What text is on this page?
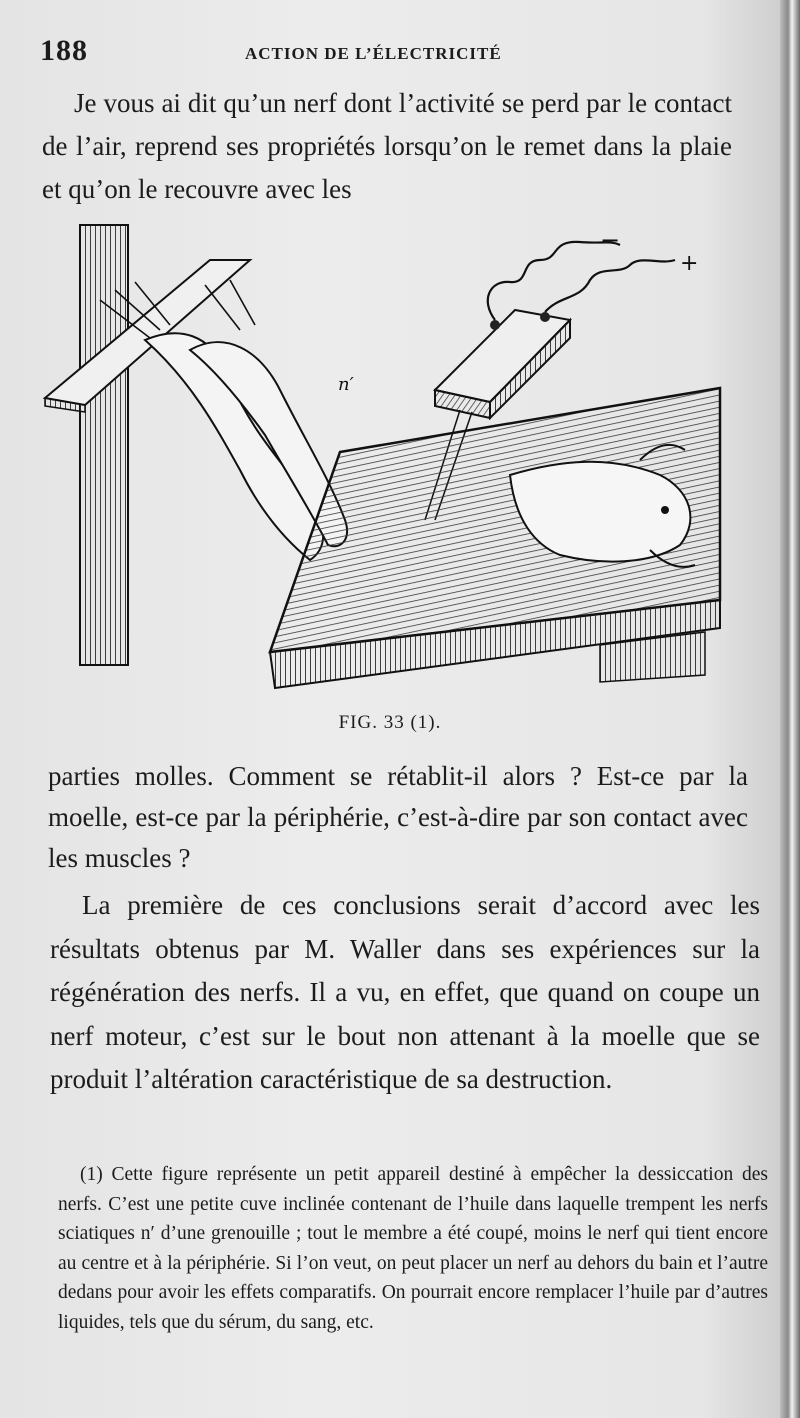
188	ACTION DE L’ÉLECTRICITÉ

Je vous ai dit qu’un nerf dont l’activité se perd par le contact de l’air, reprend ses propriétés lorsqu’on le remet dans la plaie et qu’on le recouvre avec les

−
+
n′
FIG. 33 (1).

parties molles. Comment se rétablit-il alors ? Est-ce par la moelle, est-ce par la périphérie, c’est-à-dire par son contact avec les muscles ?

La première de ces conclusions serait d’accord avec les résultats obtenus par M. Waller dans ses expériences sur la régénération des nerfs. Il a vu, en effet, que quand on coupe un nerf moteur, c’est sur le bout non attenant à la moelle que se produit l’altération caractéristique de sa destruction.

(1) Cette figure représente un petit appareil destiné à empêcher la dessiccation des nerfs. C’est une petite cuve inclinée contenant de l’huile dans laquelle trempent les nerfs sciatiques n′ d’une grenouille ; tout le membre a été coupé, moins le nerf qui tient encore au centre et à la périphérie. Si l’on veut, on peut placer un nerf au dehors du bain et l’autre dedans pour avoir les effets comparatifs. On pourrait encore remplacer l’huile par d’autres liquides, tels que du sérum, du sang, etc.
